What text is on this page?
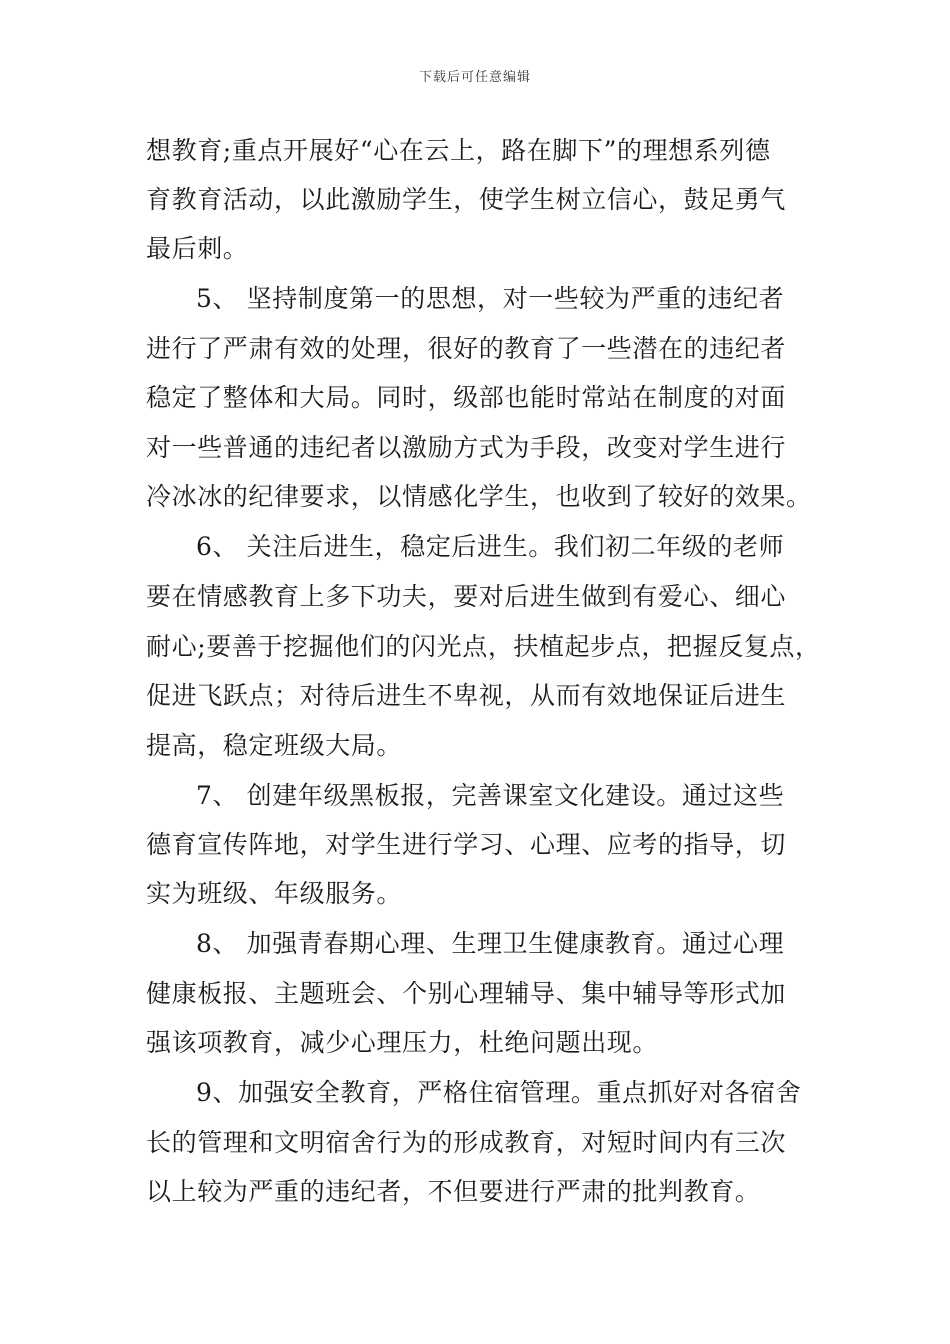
下载后可任意编辑
想教育;重点开展好“心在云上，路在脚下”的理想系列德
育教育活动，以此激励学生，使学生树立信心，鼓足勇气
最后刺。
5、 坚持制度第一的思想，对一些较为严重的违纪者
进行了严肃有效的处理，很好的教育了一些潜在的违纪者
稳定了整体和大局。同时，级部也能时常站在制度的对面
对一些普通的违纪者以激励方式为手段，改变对学生进行
冷冰冰的纪律要求，以情感化学生，也收到了较好的效果。
6、 关注后进生，稳定后进生。我们初二年级的老师
要在情感教育上多下功夫，要对后进生做到有爱心、细心
耐心;要善于挖掘他们的闪光点，扶植起步点，把握反复点，
促进飞跃点；对待后进生不卑视，从而有效地保证后进生
提高，稳定班级大局。
7、 创建年级黑板报，完善课室文化建设。通过这些
德育宣传阵地，对学生进行学习、心理、应考的指导，切
实为班级、年级服务。
8、 加强青春期心理、生理卫生健康教育。通过心理
健康板报、主题班会、个别心理辅导、集中辅导等形式加
强该项教育，减少心理压力，杜绝问题出现。
9、加强安全教育，严格住宿管理。重点抓好对各宿舍
长的管理和文明宿舍行为的形成教育，对短时间内有三次
以上较为严重的违纪者，不但要进行严肃的批判教育。
